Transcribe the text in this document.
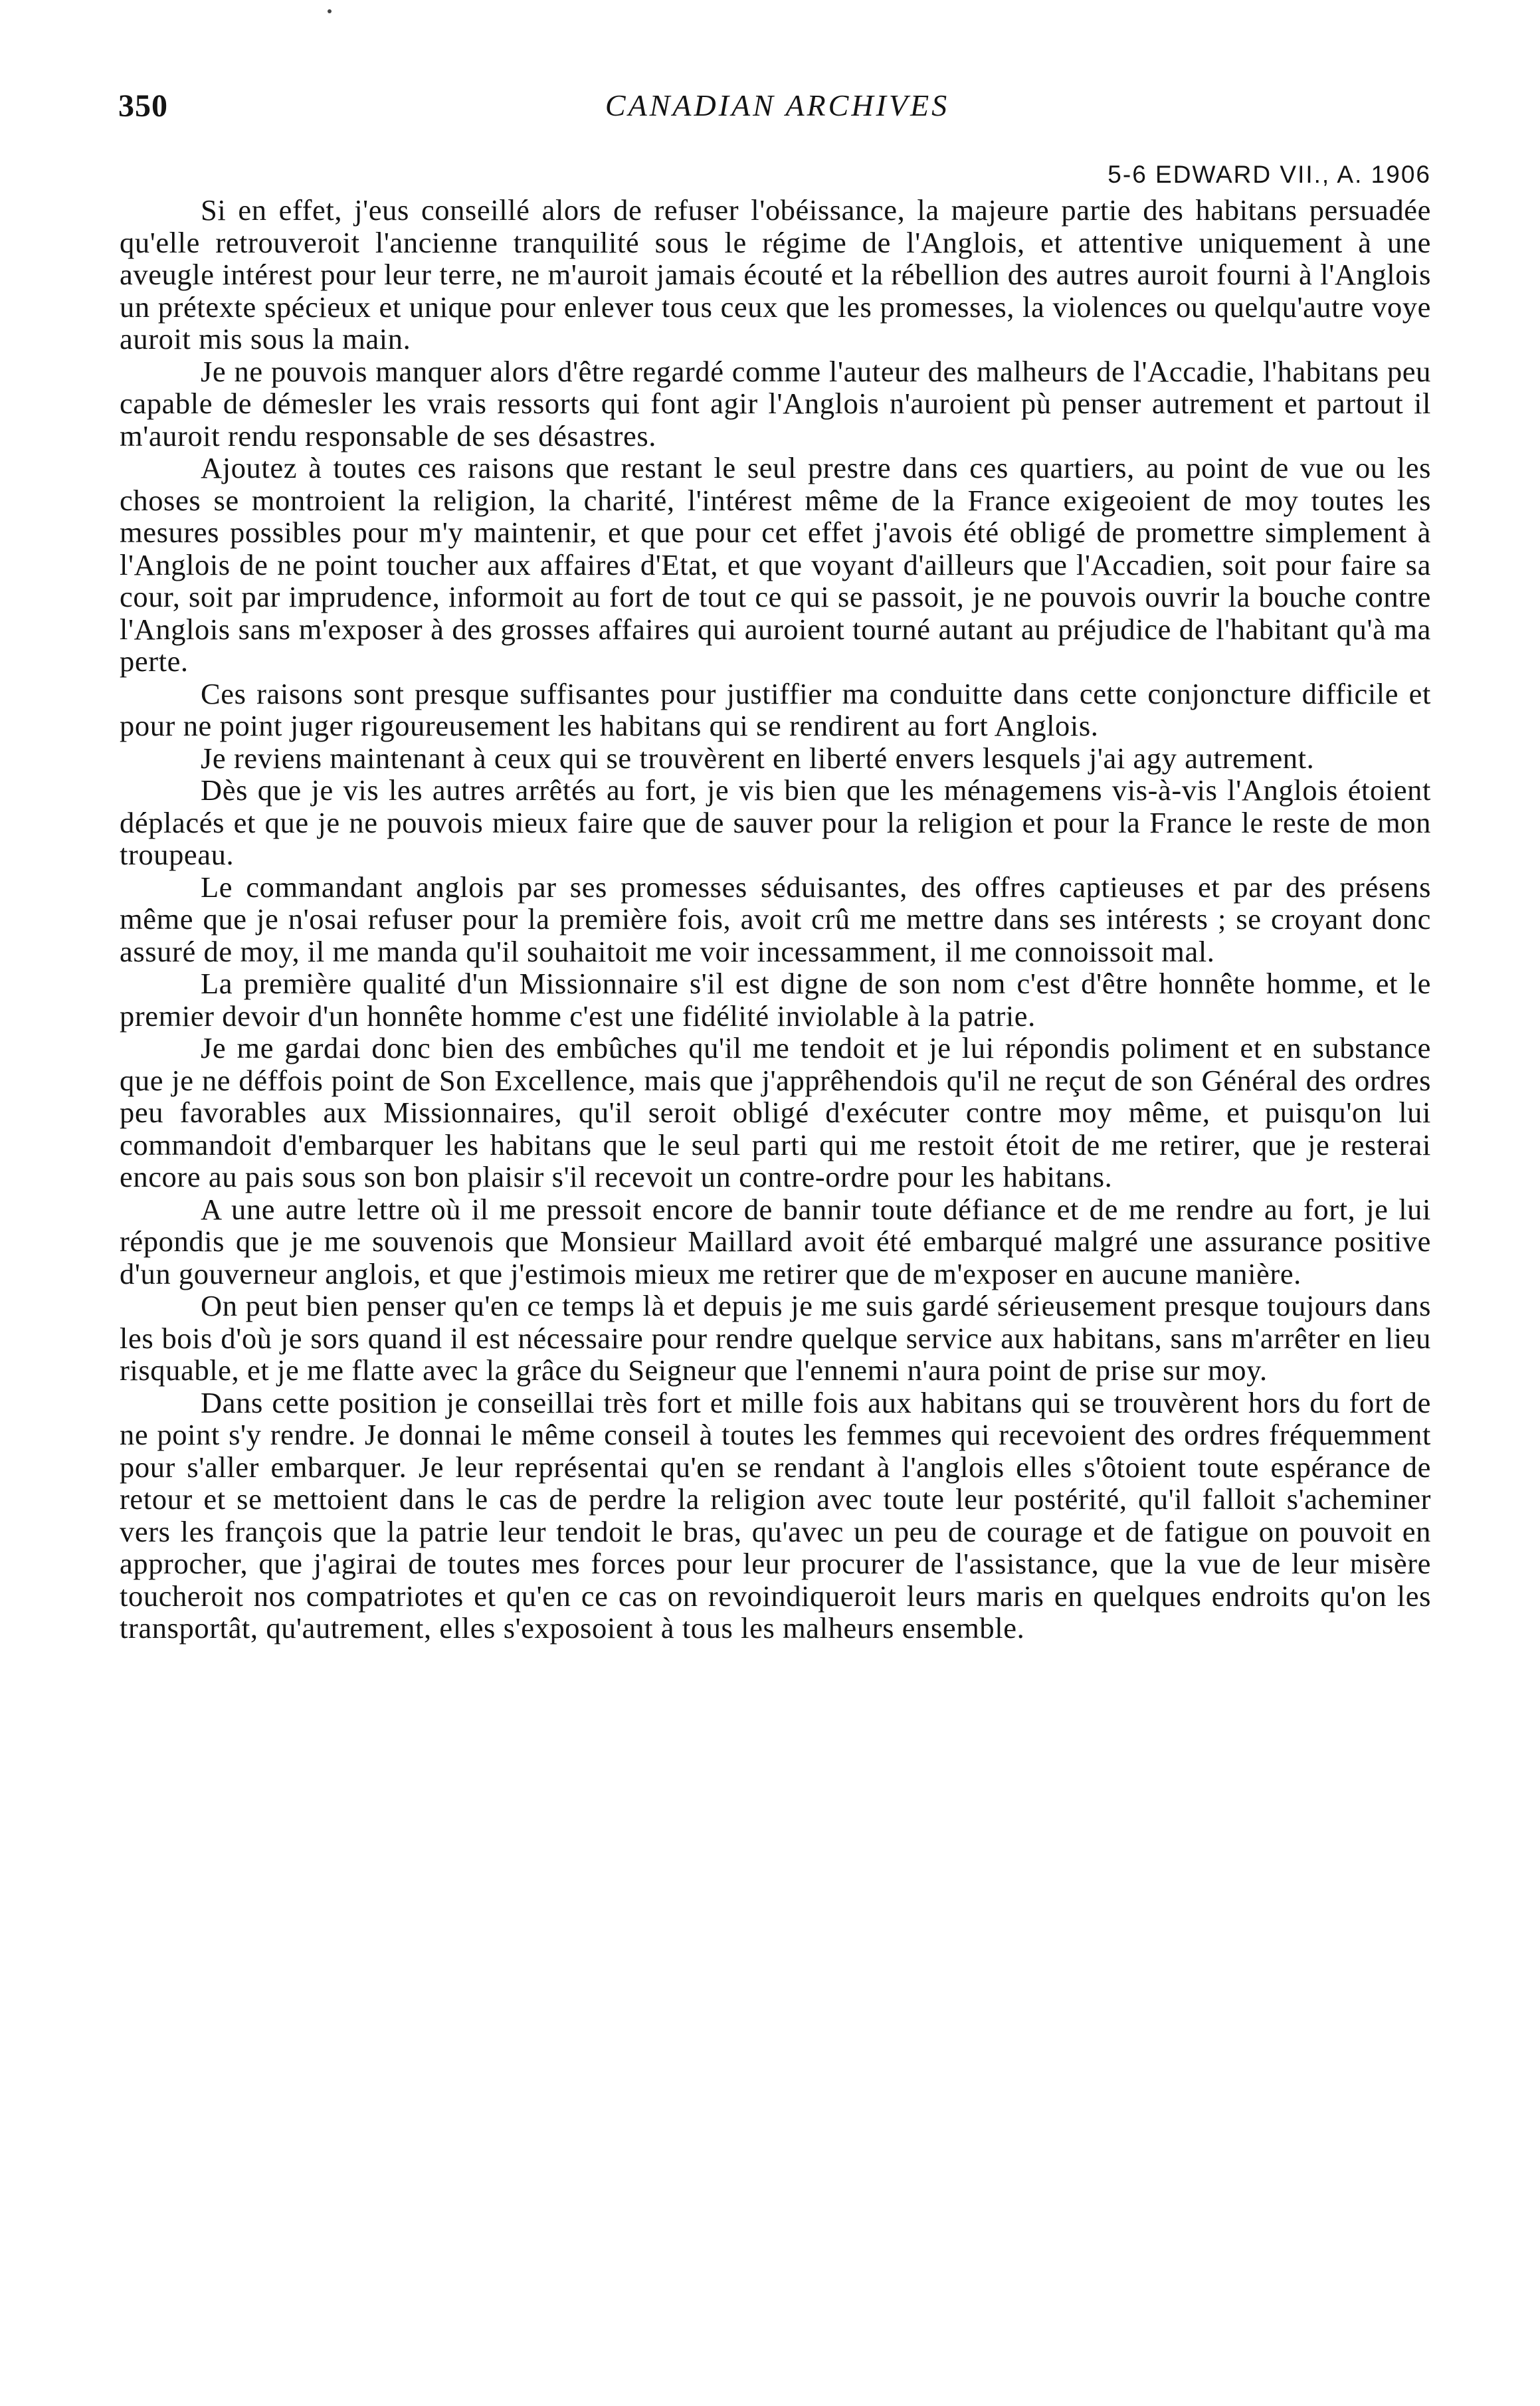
350	CANADIAN ARCHIVES
5-6 EDWARD VII., A. 1906

Si en effet, j'eus conseillé alors de refuser l'obéissance, la majeure partie des habitans persuadée qu'elle retrouveroit l'ancienne tranquilité sous le régime de l'Anglois, et attentive uniquement à une aveugle intérest pour leur terre, ne m'auroit jamais écouté et la rébellion des autres auroit fourni à l'Anglois un prétexte spécieux et unique pour enlever tous ceux que les promesses, la violences ou quelqu'autre voye auroit mis sous la main.

Je ne pouvois manquer alors d'être regardé comme l'auteur des malheurs de l'Accadie, l'habitans peu capable de démesler les vrais ressorts qui font agir l'Anglois n'auroient pù penser autrement et partout il m'auroit rendu responsable de ses désastres.

Ajoutez à toutes ces raisons que restant le seul prestre dans ces quartiers, au point de vue ou les choses se montroient la religion, la charité, l'intérest même de la France exigeoient de moy toutes les mesures possibles pour m'y maintenir, et que pour cet effet j'avois été obligé de promettre simplement à l'Anglois de ne point toucher aux affaires d'Etat, et que voyant d'ailleurs que l'Accadien, soit pour faire sa cour, soit par imprudence, informoit au fort de tout ce qui se passoit, je ne pouvois ouvrir la bouche contre l'Anglois sans m'exposer à des grosses affaires qui auroient tourné autant au préjudice de l'habitant qu'à ma perte.

Ces raisons sont presque suffisantes pour justiffier ma conduitte dans cette conjoncture difficile et pour ne point juger rigoureusement les habitans qui se rendirent au fort Anglois.

Je reviens maintenant à ceux qui se trouvèrent en liberté envers lesquels j'ai agy autrement.

Dès que je vis les autres arrêtés au fort, je vis bien que les ménagemens vis-à-vis l'Anglois étoient déplacés et que je ne pouvois mieux faire que de sauver pour la religion et pour la France le reste de mon troupeau.

Le commandant anglois par ses promesses séduisantes, des offres captieuses et par des présens même que je n'osai refuser pour la première fois, avoit crû me mettre dans ses intérests ; se croyant donc assuré de moy, il me manda qu'il souhaitoit me voir incessamment, il me connoissoit mal.

La première qualité d'un Missionnaire s'il est digne de son nom c'est d'être honnête homme, et le premier devoir d'un honnête homme c'est une fidélité inviolable à la patrie.

Je me gardai donc bien des embûches qu'il me tendoit et je lui répondis poliment et en substance que je ne déffois point de Son Excellence, mais que j'apprêhendois qu'il ne reçut de son Général des ordres peu favorables aux Missionnaires, qu'il seroit obligé d'exécuter contre moy même, et puisqu'on lui commandoit d'embarquer les habitans que le seul parti qui me restoit étoit de me retirer, que je resterai encore au pais sous son bon plaisir s'il recevoit un contre-ordre pour les habitans.

A une autre lettre où il me pressoit encore de bannir toute défiance et de me rendre au fort, je lui répondis que je me souvenois que Monsieur Maillard avoit été embarqué malgré une assurance positive d'un gouverneur anglois, et que j'estimois mieux me retirer que de m'exposer en aucune manière.

On peut bien penser qu'en ce temps là et depuis je me suis gardé sérieusement presque toujours dans les bois d'où je sors quand il est nécessaire pour rendre quelque service aux habitans, sans m'arrêter en lieu risquable, et je me flatte avec la grâce du Seigneur que l'ennemi n'aura point de prise sur moy.

Dans cette position je conseillai très fort et mille fois aux habitans qui se trouvèrent hors du fort de ne point s'y rendre. Je donnai le même conseil à toutes les femmes qui recevoient des ordres fréquemment pour s'aller embarquer. Je leur représentai qu'en se rendant à l'anglois elles s'ôtoient toute espérance de retour et se mettoient dans le cas de perdre la religion avec toute leur postérité, qu'il falloit s'acheminer vers les françois que la patrie leur tendoit le bras, qu'avec un peu de courage et de fatigue on pouvoit en approcher, que j'agirai de toutes mes forces pour leur procurer de l'assistance, que la vue de leur misère toucheroit nos compatriotes et qu'en ce cas on revoindiqueroit leurs maris en quelques endroits qu'on les transportât, qu'autrement, elles s'exposoient à tous les malheurs ensemble.
